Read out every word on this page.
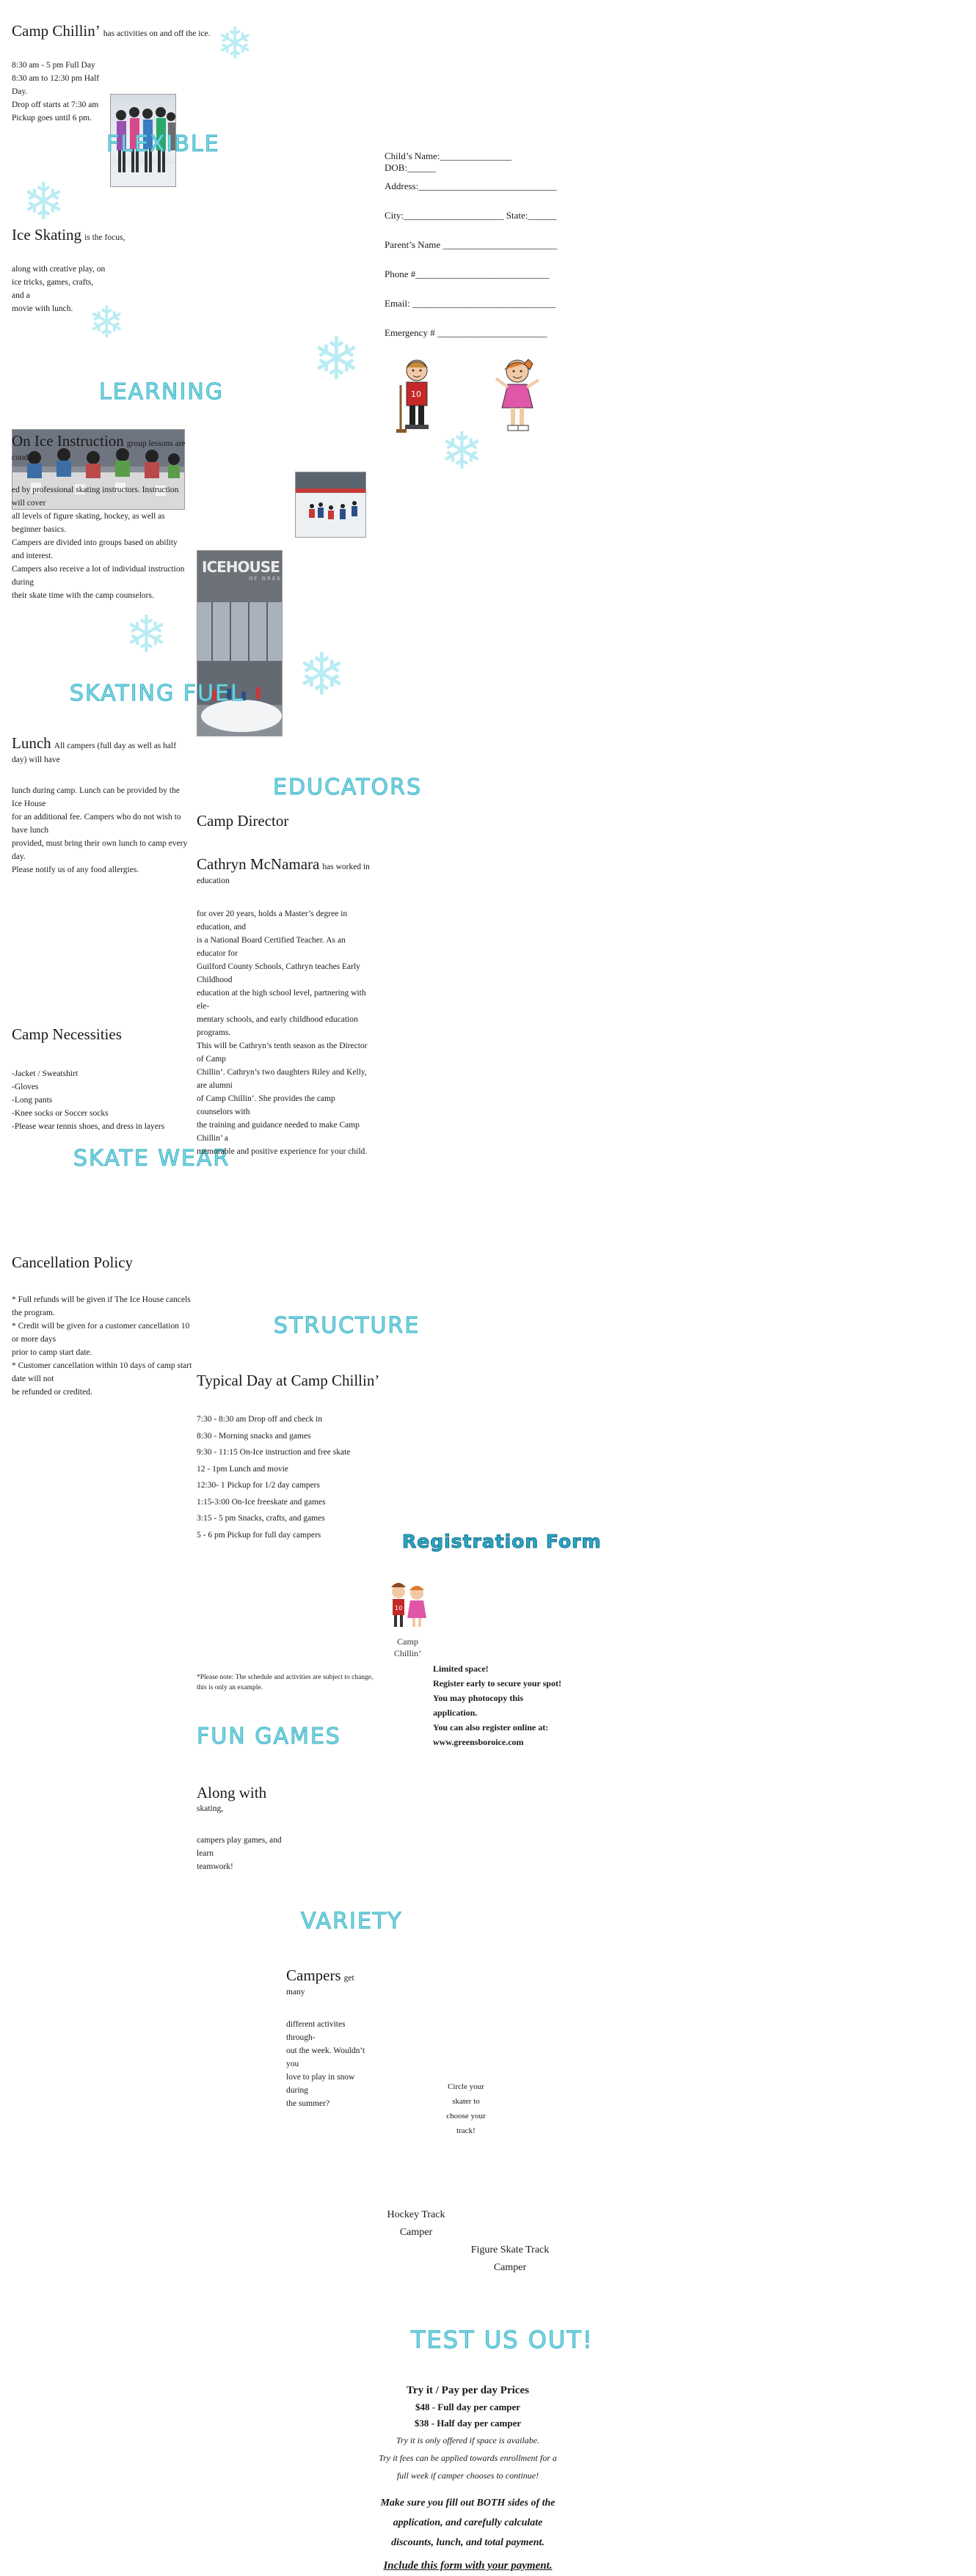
❄
❄
❄
❄
❄
❄
❄
Camp Chillin’ has activities on and off the ice.
8:30 am - 5 pm Full Day
8:30 am to 12:30 pm Half Day.
Drop off starts at 7:30 am
Pickup goes until 6 pm.
FLEXIBLE
Ice Skating is the focus,
along with creative play, on
ice tricks, games, crafts, and a
movie with lunch.
LEARNING
On Ice Instruction group lessons are conduct-
ed by professional skating instructors. Instruction will cover
all levels of figure skating, hockey, as well as beginner basics.
Campers are divided into groups based on ability and interest.
Campers also receive a lot of individual instruction during
their skate time with the camp counselors.
SKATING FUEL
Lunch All campers (full day as well as half day) will have
lunch during camp. Lunch can be provided by the Ice House
for an additional fee. Campers who do not wish to have lunch
provided, must bring their own lunch to camp every day.
Please notify us of any food allergies.
Camp Necessities
-Jacket / Sweatshirt
-Gloves
-Long pants
-Knee socks or Soccer socks
-Please wear tennis shoes, and dress in layers
SKATE WEAR
Cancellation Policy
* Full refunds will be given if The Ice House cancels the program.
* Credit will be given for a customer cancellation 10 or more days
prior to camp start date.
* Customer cancellation within 10 days of camp start date will not
be refunded or credited.
EDUCATORS
Camp Director
Cathryn McNamara has worked in education
for over 20 years, holds a Master’s degree in education, and
is a National Board Certified Teacher. As an educator for
Guilford County Schools, Cathryn teaches Early Childhood
education at the high school level, partnering with ele-
mentary schools, and early childhood education programs.
This will be Cathryn’s tenth season as the Director of Camp
Chillin’. Cathryn’s two daughters Riley and Kelly, are alumni
of Camp Chillin’. She provides the camp counselors with
the training and guidance needed to make Camp Chillin’ a
memorable and positive experience for your child.
STRUCTURE
Typical Day at Camp Chillin’
7:30 - 8:30 am Drop off and check in
8:30 - Morning snacks and games
9:30 - 11:15 On-Ice instruction and free skate
12 - 1pm Lunch and movie
12:30- 1 Pickup for 1/2 day campers
1:15-3:00 On-Ice freeskate and games
3:15 - 5 pm Snacks, crafts, and games
5 - 6 pm Pickup for full day campers
*Please note: The schedule and activities are subject to change,
this is only an example.
FUN GAMES
Along with skating,
campers play games, and learn
teamwork!
ICEHOUSE
OF GREE
VARIETY
Campers get many
different activites through-
out the week. Wouldn’t you
love to play in snow during
the summer?
Registration Form
10
Camp
Chillin’
Limited space!
Register early to secure your spot!
You may photocopy this application.
You can also register online at:
www.greensboroice.com
Child’s Name:_______________ DOB:______
Address:_____________________________
City:_____________________ State:______
Parent’s Name ________________________
Phone #____________________________
Email: ______________________________
Emergency # _______________________
10
Circle your
skater to
choose your
track!
Hockey Track
Camper
Figure Skate Track
Camper
TEST US OUT!
Try it / Pay per day Prices
$48 - Full day per camper
$38 - Half day per camper
Try it is only offered if space is availabe.
Try it fees can be applied towards enrollment for a
full week if camper chooses to continue!
Make sure you fill out BOTH sides of the
application, and carefully calculate
discounts, lunch, and total payment.
Include this form with your payment.
